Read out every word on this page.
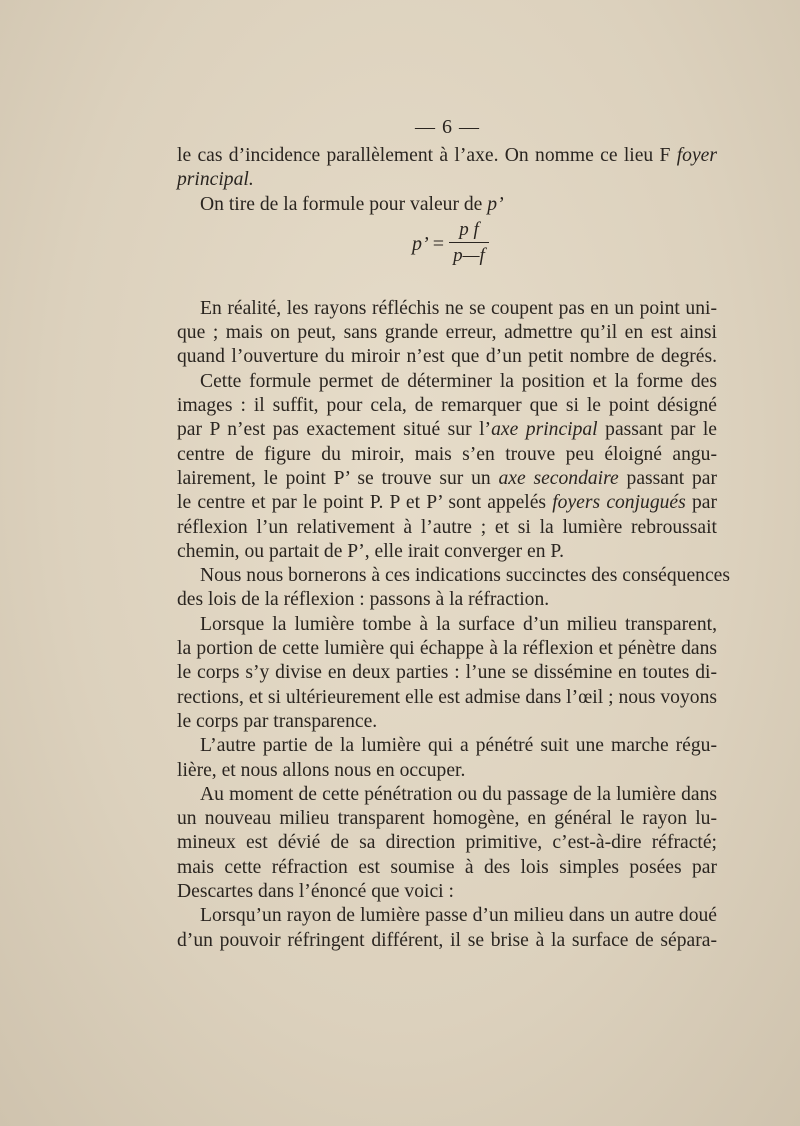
— 6 —
le cas d’incidence parallèlement à l’axe. On nomme ce lieu F foyer
principal.
On tire de la formule pour valeur de p’
p’ =
p f
p—f
En réalité, les rayons réfléchis ne se coupent pas en un point uni-
que ; mais on peut, sans grande erreur, admettre qu’il en est ainsi
quand l’ouverture du miroir n’est que d’un petit nombre de degrés.
Cette formule permet de déterminer la position et la forme des
images : il suffit, pour cela, de remarquer que si le point désigné
par P n’est pas exactement situé sur l’axe principal passant par le
centre de figure du miroir, mais s’en trouve peu éloigné angu-
lairement, le point P’ se trouve sur un axe secondaire passant par
le centre et par le point P. P et P’ sont appelés foyers conjugués par
réflexion l’un relativement à l’autre ; et si la lumière rebroussait
chemin, ou partait de P’, elle irait converger en P.
Nous nous bornerons à ces indications succinctes des conséquences
des lois de la réflexion : passons à la réfraction.
Lorsque la lumière tombe à la surface d’un milieu transparent,
la portion de cette lumière qui échappe à la réflexion et pénètre dans
le corps s’y divise en deux parties : l’une se dissémine en toutes di-
rections, et si ultérieurement elle est admise dans l’œil ; nous voyons
le corps par transparence.
L’autre partie de la lumière qui a pénétré suit une marche régu-
lière, et nous allons nous en occuper.
Au moment de cette pénétration ou du passage de la lumière dans
un nouveau milieu transparent homogène, en général le rayon lu-
mineux est dévié de sa direction primitive, c’est-à-dire réfracté;
mais cette réfraction est soumise à des lois simples posées par
Descartes dans l’énoncé que voici :
Lorsqu’un rayon de lumière passe d’un milieu dans un autre doué
d’un pouvoir réfringent différent, il se brise à la surface de sépara-
